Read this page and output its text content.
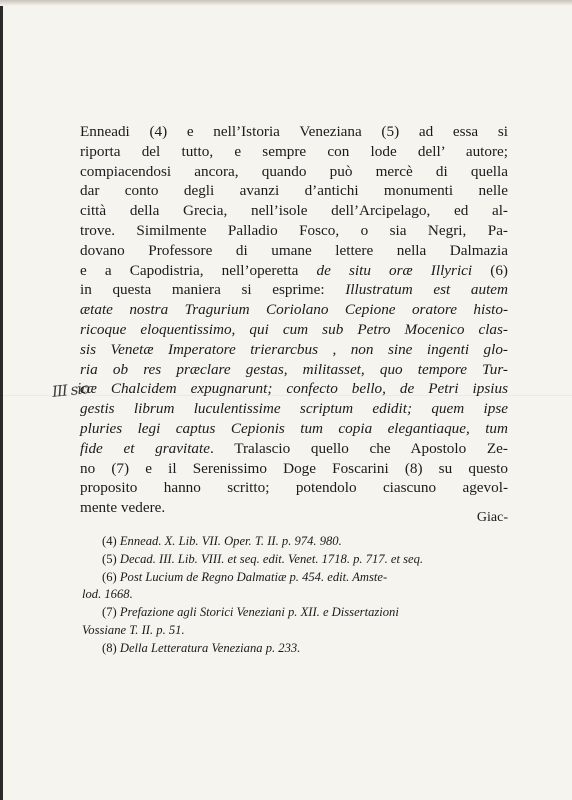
III sio
Enneadi (4) e nell’Istoria Veneziana (5) ad essa si
riporta del tutto, e sempre con lode dell’ autore;
compiacendosi ancora, quando può mercè di quella
dar conto degli avanzi d’antichi monumenti nelle
città della Grecia, nell’isole dell’Arcipelago, ed al-
trove. Similmente Palladio Fosco, o sia Negri, Pa-
dovano Professore di umane lettere nella Dalmazia
e a Capodistria, nell’operetta de situ oræ Illyrici (6)
in questa maniera si esprime: Illustratum est autem
ætate nostra Tragurium Coriolano Cepione oratore histo-
ricoque eloquentissimo, qui cum sub Petro Mocenico clas-
sis Venetæ Imperatore trierarcbus , non sine ingenti glo-
ria ob res præclare gestas, militasset, quo tempore Tur-
cæ Chalcidem expugnarunt; confecto bello, de Petri ipsius
gestis librum luculentissime scriptum edidit; quem ipse
pluries legi captus Cepionis tum copia elegantiaque, tum
fide et gravitate. Tralascio quello che Apostolo Ze-
no (7) e il Serenissimo Doge Foscarini (8) su questo
proposito hanno scritto; potendolo ciascuno agevol-
mente vedere.
Giac-
(4) Ennead. X. Lib. VII. Oper. T. II. p. 974. 980.
(5) Decad. III. Lib. VIII. et seq. edit. Venet. 1718. p. 717. et seq.
(6) Post Lucium de Regno Dalmatiæ p. 454. edit. Amste-
lod. 1668.
(7) Prefazione agli Storici Veneziani p. XII. e Dissertazioni
Vossiane T. II. p. 51.
(8) Della Letteratura Veneziana p. 233.
